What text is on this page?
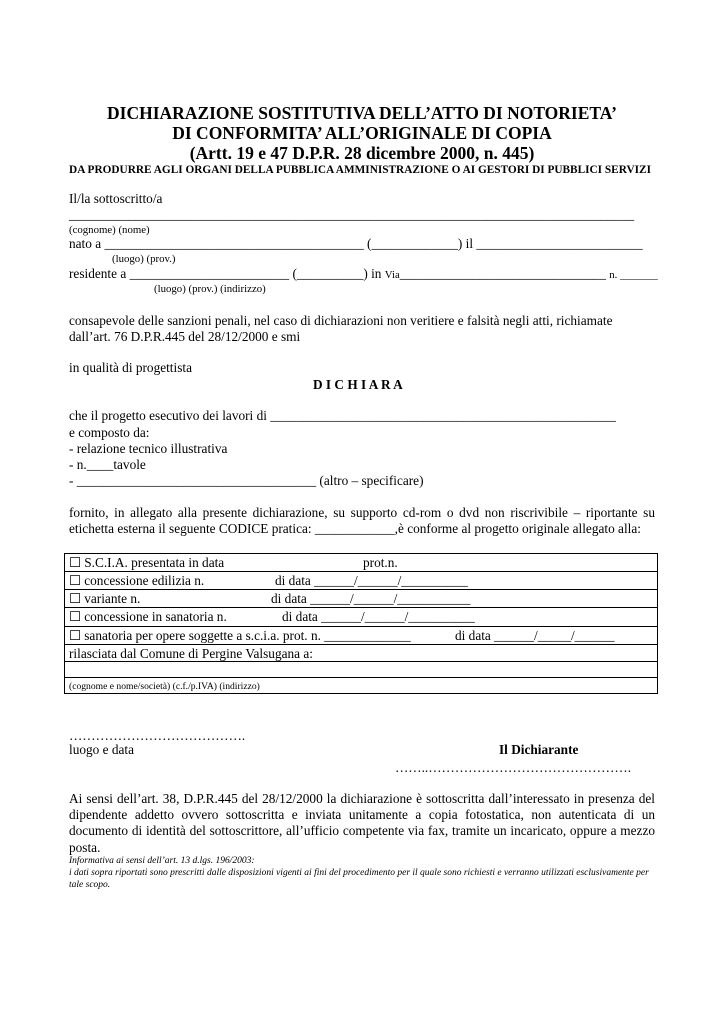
DICHIARAZIONE SOSTITUTIVA DELL’ATTO DI NOTORIETA’
DI CONFORMITA’ ALL’ORIGINALE DI COPIA
(Artt. 19 e 47 D.P.R. 28 dicembre 2000, n. 445)
DA PRODURRE AGLI ORGANI DELLA PUBBLICA AMMINISTRAZIONE O AI GESTORI DI PUBBLICI SERVIZI
Il/la sottoscritto/a
_____________________________________________________________________________________
(cognome) (nome)
nato a _______________________________________ (_____________) il _________________________
(luogo) (prov.)
residente a ________________________ (__________) in Via_______________________________ n. _______
(luogo) (prov.) (indirizzo)
consapevole delle sanzioni penali, nel caso di dichiarazioni non veritiere e falsità negli atti, richiamate
dall’art. 76 D.P.R.445 del 28/12/2000 e smi
in qualità di progettista
D I C H I A R A
che il progetto esecutivo dei lavori di ____________________________________________________
e composto da:
- relazione tecnico illustrativa
- n.____tavole
- ____________________________________ (altro – specificare)
fornito, in allegato alla presente dichiarazione, su supporto cd-rom o dvd non riscrivibile – riportante su etichetta esterna il seguente CODICE pratica: ____________,è conforme al progetto originale allegato alla:
☐ S.C.I.A. presentata in data	prot.n.
☐ concessione edilizia n.	di data ______/______/__________
☐ variante n.	di data ______/______/___________
☐ concessione in sanatoria n.	di data ______/______/__________
☐ sanatoria per opere soggette a s.c.i.a. prot. n. _____________	di data ______/_____/______
rilasciata dal Comune di Pergine Valsugana a:
(cognome e nome/società) (c.f./p.IVA) (indirizzo)
………………………………….
luogo e data	Il Dichiarante
……..……………………………………….
Ai sensi dell’art. 38, D.P.R.445 del 28/12/2000 la dichiarazione è sottoscritta dall’interessato in presenza del dipendente addetto ovvero sottoscritta e inviata unitamente a copia fotostatica, non autenticata di un documento di identità del sottoscrittore, all’ufficio competente via fax, tramite un incaricato, oppure a mezzo posta.
Informativa ai sensi dell’art. 13 d.lgs. 196/2003:
i dati sopra riportati sono prescritti dalle disposizioni vigenti ai fini del procedimento per il quale sono richiesti e verranno utilizzati esclusivamente per tale scopo.
